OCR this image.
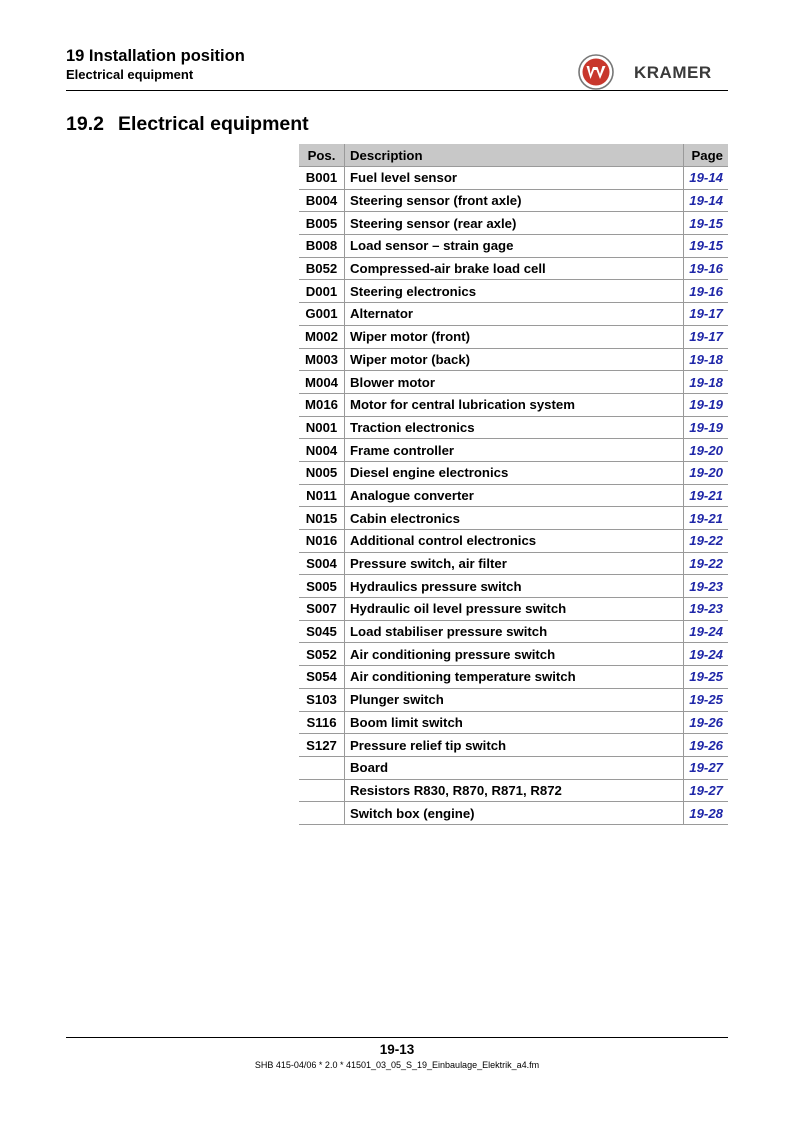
19 Installation position
Electrical equipment	KRAMER
19.2 Electrical equipment
Pos.	Description	Page
B001	Fuel level sensor	19-14
B004	Steering sensor (front axle)	19-14
B005	Steering sensor (rear axle)	19-15
B008	Load sensor – strain gage	19-15
B052	Compressed-air brake load cell	19-16
D001	Steering electronics	19-16
G001	Alternator	19-17
M002	Wiper motor (front)	19-17
M003	Wiper motor (back)	19-18
M004	Blower motor	19-18
M016	Motor for central lubrication system	19-19
N001	Traction electronics	19-19
N004	Frame controller	19-20
N005	Diesel engine electronics	19-20
N011	Analogue converter	19-21
N015	Cabin electronics	19-21
N016	Additional control electronics	19-22
S004	Pressure switch, air filter	19-22
S005	Hydraulics pressure switch	19-23
S007	Hydraulic oil level pressure switch	19-23
S045	Load stabiliser pressure switch	19-24
S052	Air conditioning pressure switch	19-24
S054	Air conditioning temperature switch	19-25
S103	Plunger switch	19-25
S116	Boom limit switch	19-26
S127	Pressure relief tip switch	19-26
	Board	19-27
	Resistors R830, R870, R871, R872	19-27
	Switch box (engine)	19-28
19-13
SHB 415-04/06 * 2.0 * 41501_03_05_S_19_Einbaulage_Elektrik_a4.fm
